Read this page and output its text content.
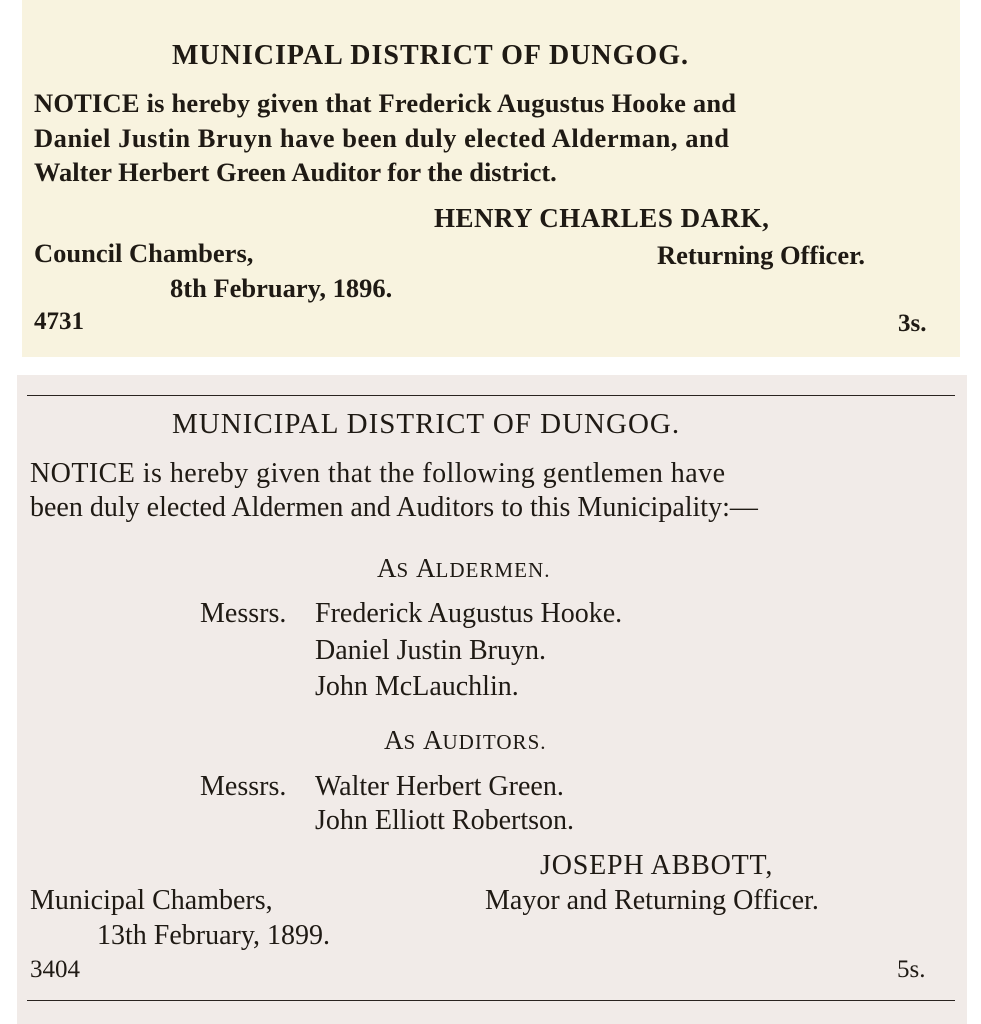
MUNICIPAL DISTRICT OF DUNGOG.
NOTICE is hereby given that Frederick Augustus Hooke and
Daniel Justin Bruyn have been duly elected Alderman, and
Walter Herbert Green Auditor for the district.
HENRY CHARLES DARK,
Council Chambers,	Returning Officer.
8th February, 1896.
4731	3s.
MUNICIPAL DISTRICT OF DUNGOG.
NOTICE is hereby given that the following gentlemen have
been duly elected Aldermen and Auditors to this Municipality:—
AS ALDERMEN.
Messrs. Frederick Augustus Hooke.
Daniel Justin Bruyn.
John McLauchlin.
AS AUDITORS.
Messrs. Walter Herbert Green.
John Elliott Robertson.
JOSEPH ABBOTT,
Municipal Chambers,	Mayor and Returning Officer.
13th February, 1899.
3404	5s.
